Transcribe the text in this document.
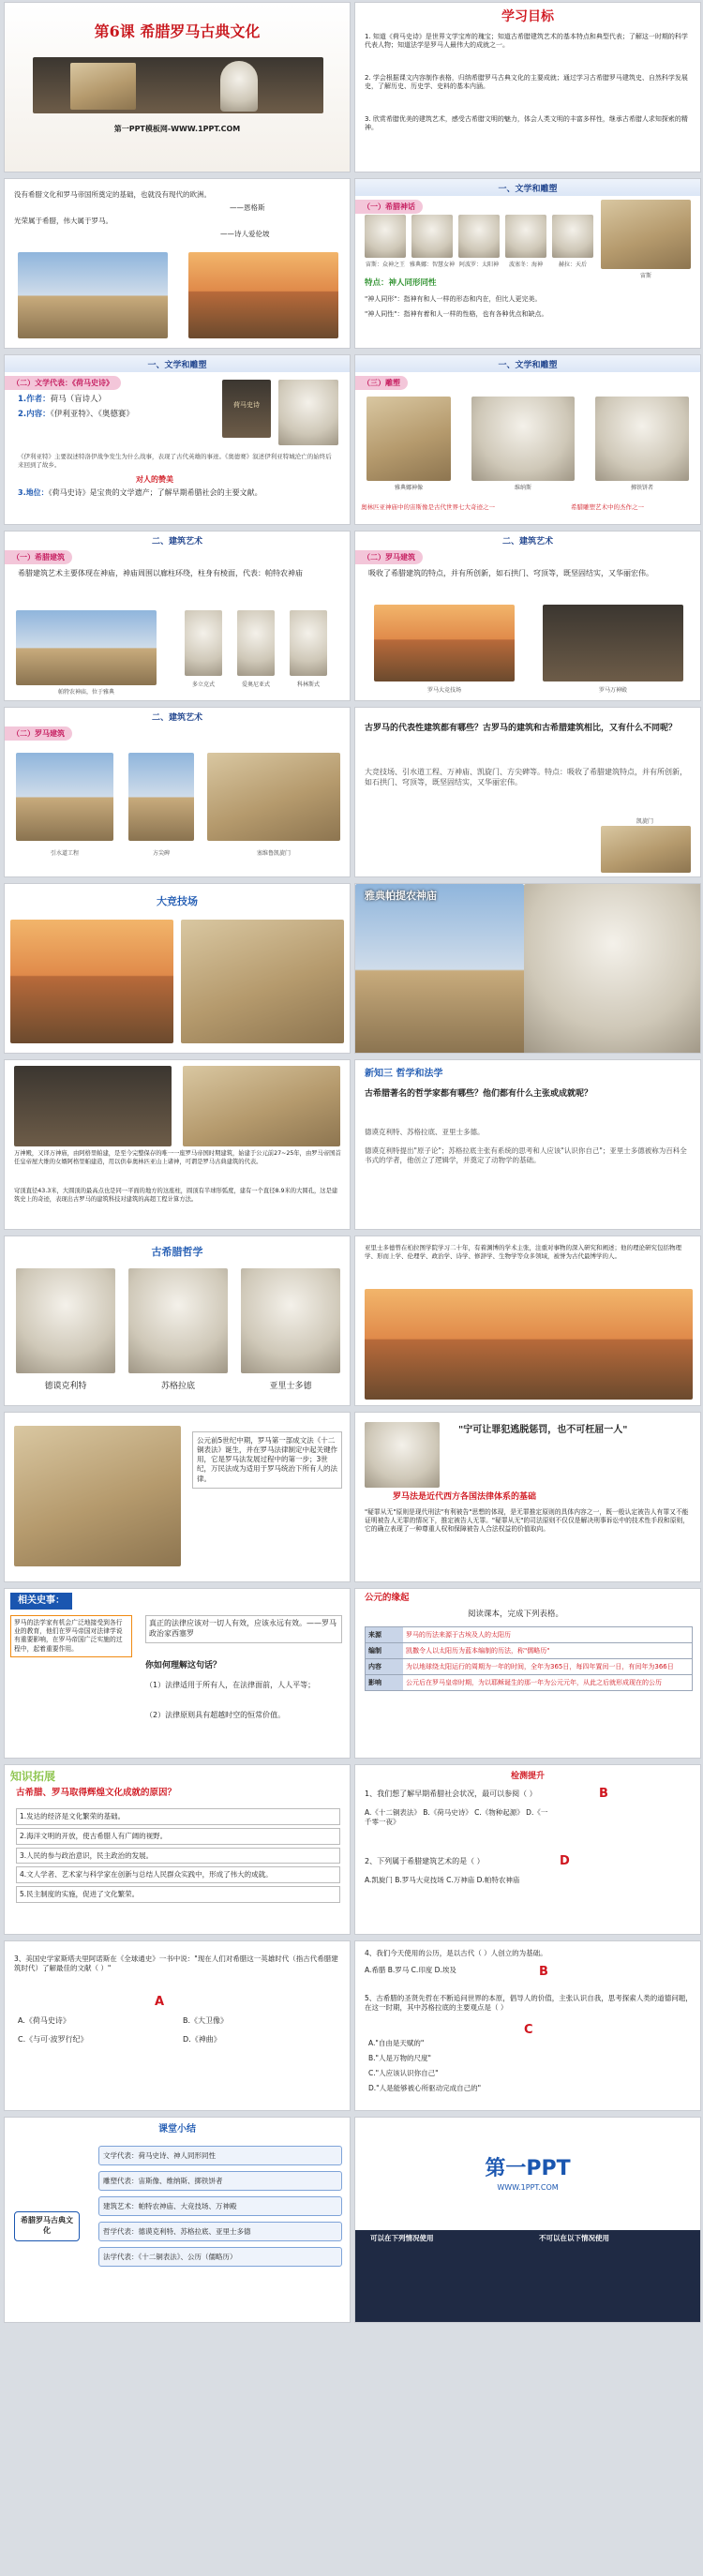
第6课 希腊罗马古典文化
第一PPT模板网-WWW.1PPT.COM
学习目标
1. 知道《荷马史诗》是世界文学宝库的瑰宝；知道古希腊建筑艺术的基本特点和典型代表；了解这一时期的科学代表人物；知道法学是罗马人最伟大的成就之一。
2. 学会根据课文内容制作表格，归纳希腊罗马古典文化的主要成就；通过学习古希腊罗马建筑史、自然科学发展史，了解历史、历史学、史料的基本内涵。
3. 欣赏希腊优美的建筑艺术，感受古希腊文明的魅力，体会人类文明的丰富多样性，继承古希腊人求知探索的精神。
没有希腊文化和罗马帝国所奠定的基础，也就没有现代的欧洲。
——恩格斯
光荣属于希腊，伟大属于罗马。
——诗人爱伦坡
一、文学和雕塑
（一）希腊神话
宙斯：众神之王 雅典娜：智慧女神 阿波罗：太阳神	波塞冬：海神	赫拉：天后
宙斯
特点：神人同形同性
"神人同形"：指神有和人一样的形态和内在，但比人更完美。
"神人同性"：指神有着和人一样的性格，也有各种优点和缺点。
一、文学和雕塑
（二）文学代表：《荷马史诗》
1.作者：荷马（盲诗人）
2.内容：《伊利亚特》、《奥德赛》
荷马史诗
《伊利亚特》主要叙述特洛伊战争发生为什么战事，表现了古代英雄的事迹。《奥德赛》叙述伊利亚特城沦亡的始终后来回到了故乡。
对人的赞美
3.地位：《荷马史诗》是宝贵的文学遗产；了解早期希腊社会的主要文献。
一、文学和雕塑
（三）雕塑
雅典娜神像	维纳斯	掷铁饼者
奥林匹亚神庙中的宙斯像是古代世界七大奇迹之一	希腊雕塑艺术中的杰作之一
二、建筑艺术
（一）希腊建筑
希腊建筑艺术主要体现在神庙，神庙周围以廊柱环绕，柱身有棱面，代表：帕特农神庙
帕特农神庙，位于雅典
多立克式	爱奥尼亚式	科林斯式
二、建筑艺术
（二）罗马建筑
吸收了希腊建筑的特点，并有所创新，如石拱门、穹顶等，既坚固结实，又华丽宏伟。
罗马大竞技场	罗马万神殿
二、建筑艺术
（二）罗马建筑
引水道工程	方尖碑	塞维鲁凯旋门
古罗马的代表性建筑都有哪些？古罗马的建筑和古希腊建筑相比，又有什么不同呢？
大竞技场、引水道工程、万神庙、凯旋门、方尖碑等。特点：吸收了希腊建筑特点，并有所创新，如石拱门、穹顶等，既坚固结实，又华丽宏伟。
凯旋门
大竞技场	雅典帕提农神庙
万神殿，又译万神庙，由阿格里帕建，是至今完整保存的唯一一座罗马帝国时期建筑，始建于公元前27~25年，由罗马帝国首任皇帝屋大维的女婿阿格里帕建造，用以供奉奥林匹亚山上诸神，可谓是罗马古典建筑的代表。
穹顶直径43.3米，大圆顶的最高点也是同一平面的地方的这座柱，圆顶有半球形弧度，建有一个直径8.9米的大圆孔，这是建筑史上的奇迹，表现出古罗马的建筑科技对建筑的高超工程计算方法。
新知三 哲学和法学
古希腊著名的哲学家都有哪些？他们都有什么主张或成就呢？
德谟克利特、苏格拉底、亚里士多德。
德谟克利特提出"原子论"；苏格拉底主张有系统的思考和人应该"认识你自己"；亚里士多德被称为百科全书式的学者，他创立了逻辑学，并奠定了动物学的基础。
古希腊哲学
德谟克利特	苏格拉底	亚里士多德
亚里士多德曾在柏拉图学院学习二十年，有着渊博的学术主张，注重对事物的深入研究和阐述；他的理论研究包括物理学、形而上学、伦理学、政治学、诗学、修辞学、生物学等众多领域，被誉为古代最博学的人。
公元前5世纪中期，罗马第一部成文法《十二铜表法》诞生，并在罗马法律制定中起关键作用，它是罗马法发展过程中的第一步；3世纪，万民法成为适用于罗马统治下所有人的法律。
"宁可让罪犯逃脱惩罚，也不可枉屈一人"
罗马法是近代西方各国法律体系的基础
"疑罪从无"原则是现代刑法"有利被告"思想的体现，是无罪推定原则的具体内容之一，既一般认定被告人有罪又不能证明被告人无罪的情况下，推定被告人无罪。"疑罪从无"的司法原则不仅仅是解决刑事诉讼中的技术性手段和原则，它的确立表现了一种尊重人权和保障被告人合法权益的价值取向。
相关史事：
罗马的法学家有机会广泛地接受到各行业的教育，他们在罗马帝国对法律学说有重要影响，在罗马帝国广泛实施的过程中，起着重要作用。
真正的法律应该对一切人有效，应该永远有效。——罗马政治家西塞罗
你如何理解这句话？
（1）法律适用于所有人，在法律面前，人人平等；
（2）法律原则具有超越时空的恒常价值。
公元的缘起
阅读课本，完成下列表格。
来源	罗马的历法来源于古埃及人的太阳历
编制	凯撒令人以太阳历为蓝本编制的历法，称"儒略历"
内容	为以地球绕太阳运行的周期为一年的时间，全年为365日，每四年置闰一日，有闰年为366日
影响	公元后在罗马皇帝时期，为以耶稣诞生的那一年为公元元年，从此之后就形成现在的公历
知识拓展
古希腊、罗马取得辉煌文化成就的原因？
1.发达的经济是文化繁荣的基础。
2.海洋文明的开放，使古希腊人有广阔的视野。
3.人民的参与政治意识，民主政治的发展。
4.文人学者、艺术家与科学家在创新与总结人民群众实践中，形成了伟大的成就。
5.民主制度的实施，促进了文化繁荣。
检测提升
1、我们想了解早期希腊社会状况，最可以参阅（ ）	B
A.《十二铜表法》 B.《荷马史诗》 C.《物种起源》 D.《一千零一夜》
2、下列属于希腊建筑艺术的是（ ）	D
A.凯旋门 B.罗马大竞技场 C.万神庙 D.帕特农神庙
3、美国史学家斯塔夫里阿诺斯在《全球通史》一书中说："现在人们对希腊这一英雄时代（指古代希腊建筑时代）了解最佳的文献（ ）"
A
A.《荷马史诗》	B.《大卫像》
C.《与可·波罗行纪》	D.《神曲》
4、我们今天使用的公历，是以古代（ ）人创立的为基础。
A.希腊 B.罗马 C.印度 D.埃及	B
5、古希腊的圣贤先哲在不断追问世界的本原，倡导人的价值，主张认识自我，思考探索人类的道德问题，在这一时期，其中苏格拉底的主要观点是（ ）
C
A."自由是天赋的"
B."人是万物的尺度"
C."人应该认识你自己"
D."人是能够被心所驱动完成自己的"
课堂小结
希腊罗马古典文化
文学代表：荷马史诗、神人同形同性
雕塑代表：宙斯像、维纳斯、掷铁饼者
建筑艺术：帕特农神庙、大竞技场、万神殿
哲学代表：德谟克利特、苏格拉底、亚里士多德
法学代表：《十二铜表法》、公历（儒略历）
第一PPT
WWW.1PPT.COM
可以在下列情况使用	不可以在以下情况使用
